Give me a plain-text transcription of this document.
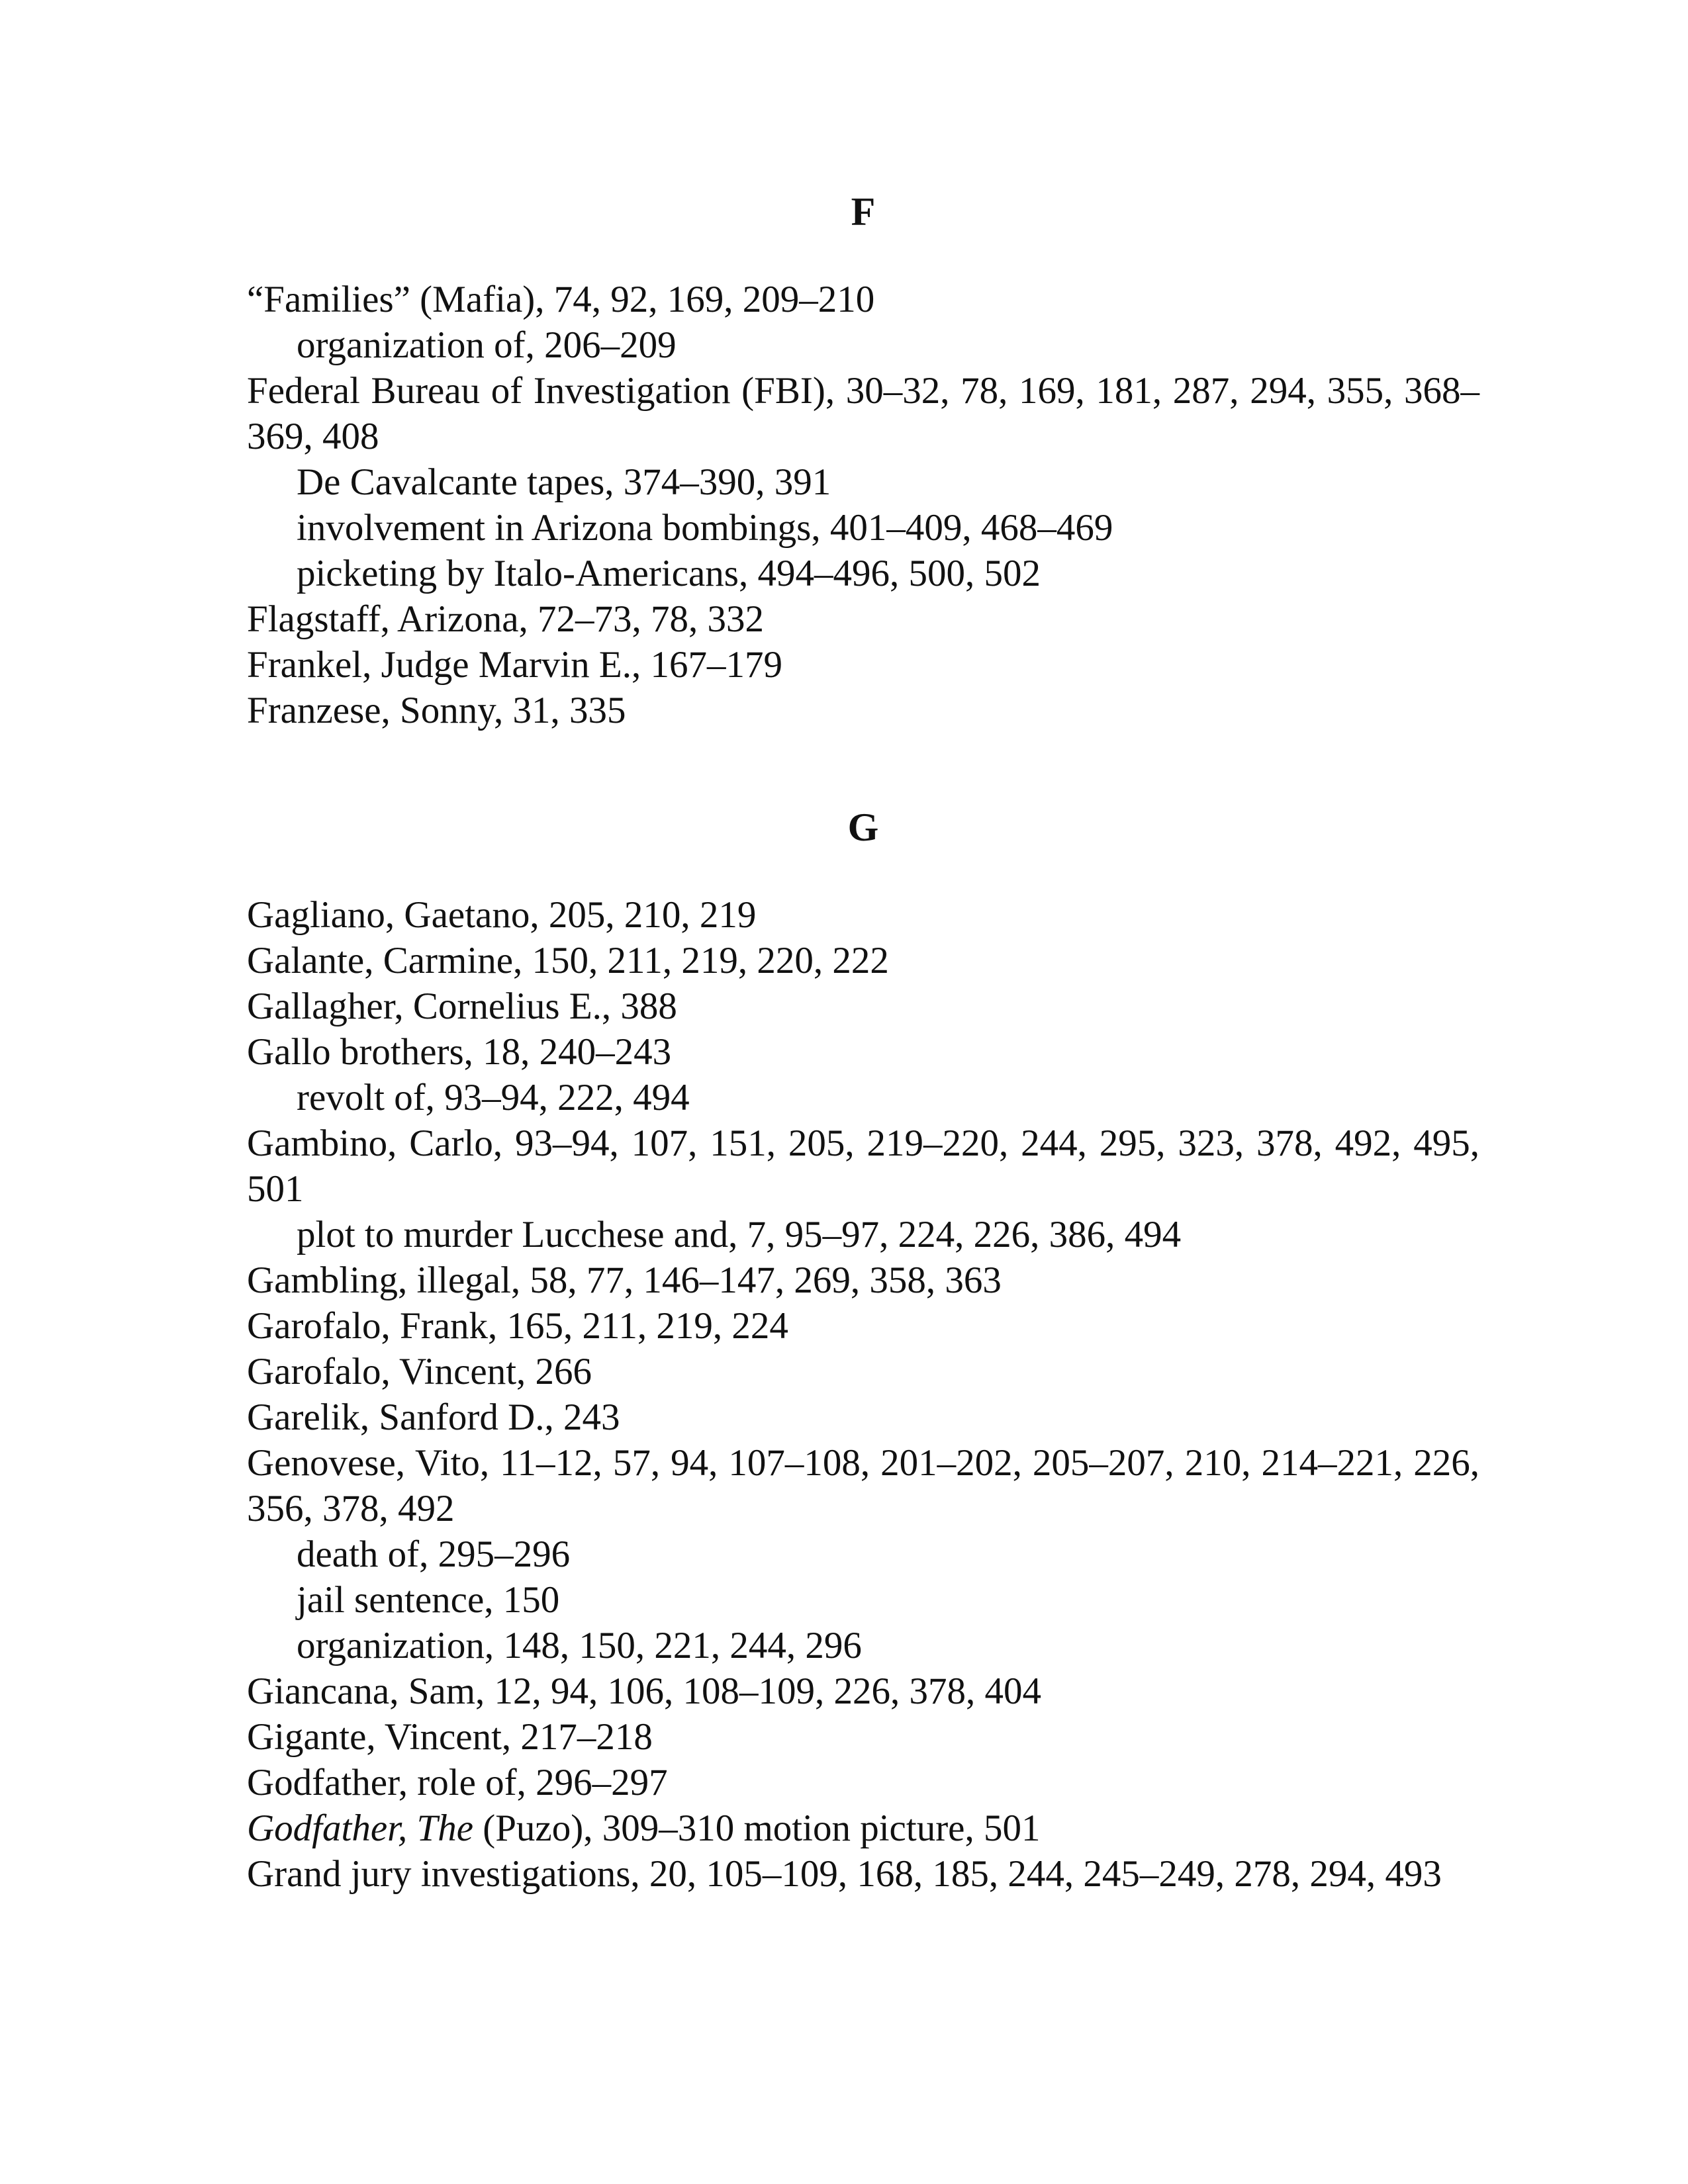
F

“Families” (Mafia), 74, 92, 169, 209–210

organization of, 206–209

Federal Bureau of Investigation (FBI), 30–32, 78, 169, 181, 287, 294, 355, 368–369, 408

De Cavalcante tapes, 374–390, 391

involvement in Arizona bombings, 401–409, 468–469

picketing by Italo-Americans, 494–496, 500, 502

Flagstaff, Arizona, 72–73, 78, 332

Frankel, Judge Marvin E., 167–179

Franzese, Sonny, 31, 335

G

Gagliano, Gaetano, 205, 210, 219

Galante, Carmine, 150, 211, 219, 220, 222

Gallagher, Cornelius E., 388

Gallo brothers, 18, 240–243

revolt of, 93–94, 222, 494

Gambino, Carlo, 93–94, 107, 151, 205, 219–220, 244, 295, 323, 378, 492, 495, 501

plot to murder Lucchese and, 7, 95–97, 224, 226, 386, 494

Gambling, illegal, 58, 77, 146–147, 269, 358, 363

Garofalo, Frank, 165, 211, 219, 224

Garofalo, Vincent, 266

Garelik, Sanford D., 243

Genovese, Vito, 11–12, 57, 94, 107–108, 201–202, 205–207, 210, 214–221, 226, 356, 378, 492

death of, 295–296

jail sentence, 150

organization, 148, 150, 221, 244, 296

Giancana, Sam, 12, 94, 106, 108–109, 226, 378, 404

Gigante, Vincent, 217–218

Godfather, role of, 296–297

Godfather, The (Puzo), 309–310 motion picture, 501

Grand jury investigations, 20, 105–109, 168, 185, 244, 245–249, 278, 294, 493
